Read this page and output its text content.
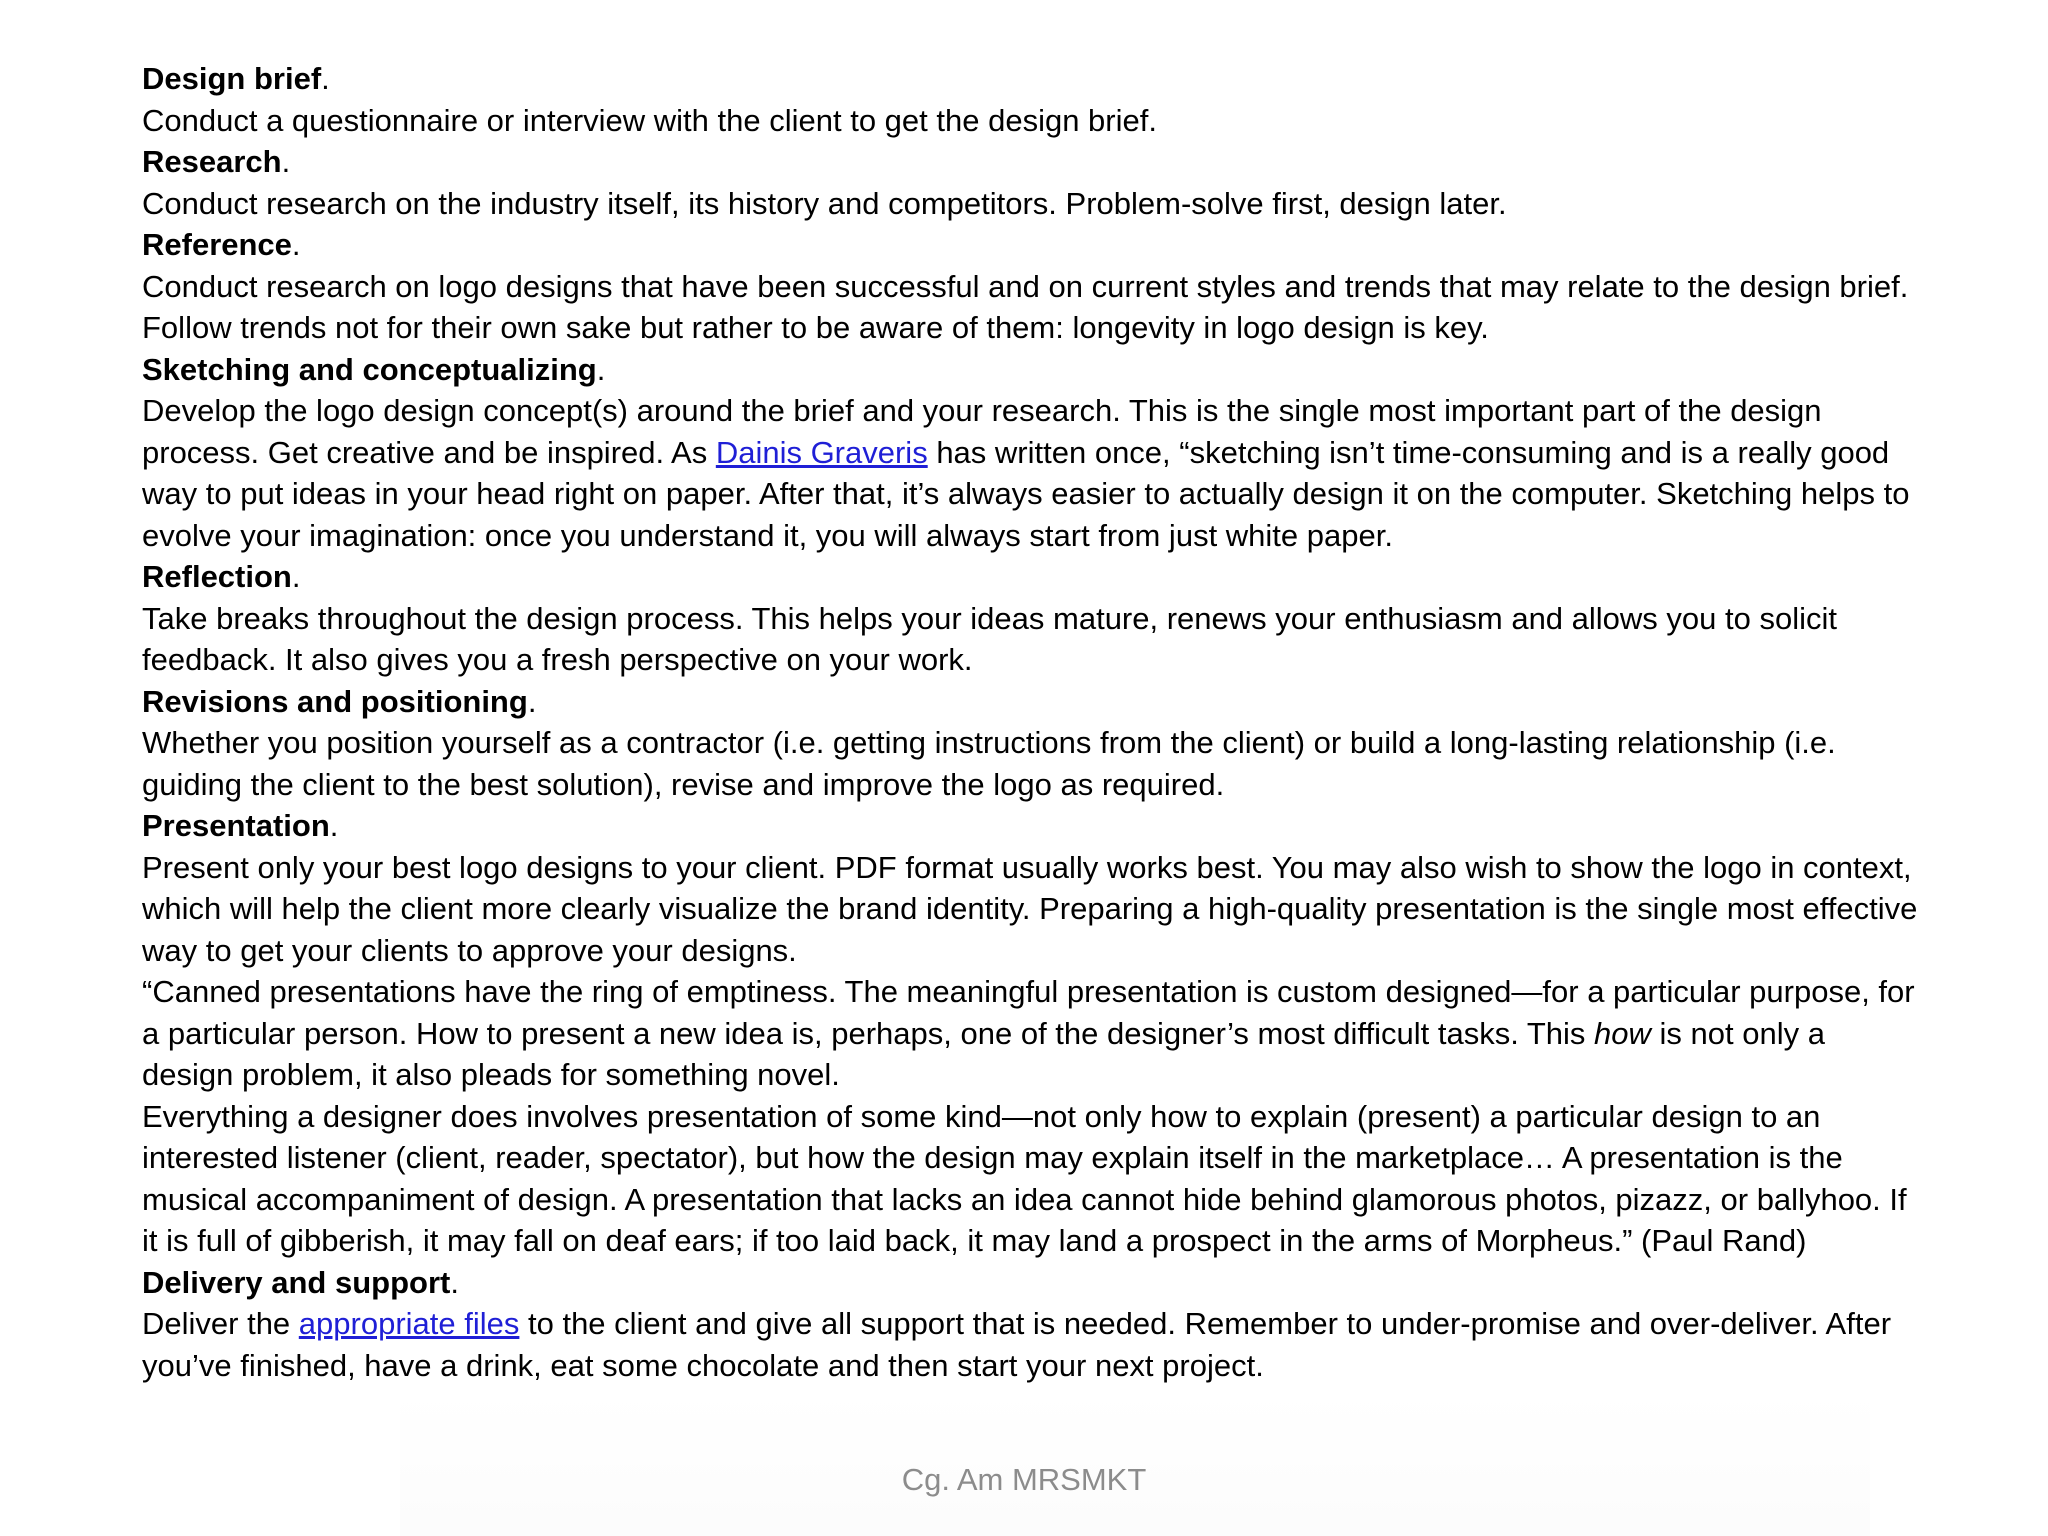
Design brief.

Conduct a questionnaire or interview with the client to get the design brief.

Research.

Conduct research on the industry itself, its history and competitors. Problem-solve first, design later.

Reference.

Conduct research on logo designs that have been successful and on current styles and trends that may relate to the design brief. Follow trends not for their own sake but rather to be aware of them: longevity in logo design is key.

Sketching and conceptualizing.

Develop the logo design concept(s) around the brief and your research. This is the single most important part of the design process. Get creative and be inspired. As Dainis Graveris has written once, “sketching isn’t time-consuming and is a really good way to put ideas in your head right on paper. After that, it’s always easier to actually design it on the computer. Sketching helps to evolve your imagination: once you understand it, you will always start from just white paper.

Reflection.

Take breaks throughout the design process. This helps your ideas mature, renews your enthusiasm and allows you to solicit feedback. It also gives you a fresh perspective on your work.

Revisions and positioning.

Whether you position yourself as a contractor (i.e. getting instructions from the client) or build a long-lasting relationship (i.e. guiding the client to the best solution), revise and improve the logo as required.

Presentation.

Present only your best logo designs to your client. PDF format usually works best. You may also wish to show the logo in context, which will help the client more clearly visualize the brand identity. Preparing a high-quality presentation is the single most effective way to get your clients to approve your designs.

“Canned presentations have the ring of emptiness. The meaningful presentation is custom designed—for a particular purpose, for a particular person. How to present a new idea is, perhaps, one of the designer’s most difficult tasks. This how is not only a design problem, it also pleads for something novel.

Everything a designer does involves presentation of some kind—not only how to explain (present) a particular design to an interested listener (client, reader, spectator), but how the design may explain itself in the marketplace… A presentation is the musical accompaniment of design. A presentation that lacks an idea cannot hide behind glamorous photos, pizazz, or ballyhoo. If it is full of gibberish, it may fall on deaf ears; if too laid back, it may land a prospect in the arms of Morpheus.” (Paul Rand)

Delivery and support.

Deliver the appropriate files to the client and give all support that is needed. Remember to under-promise and over-deliver. After you’ve finished, have a drink, eat some chocolate and then start your next project.

Cg. Am MRSMKT
